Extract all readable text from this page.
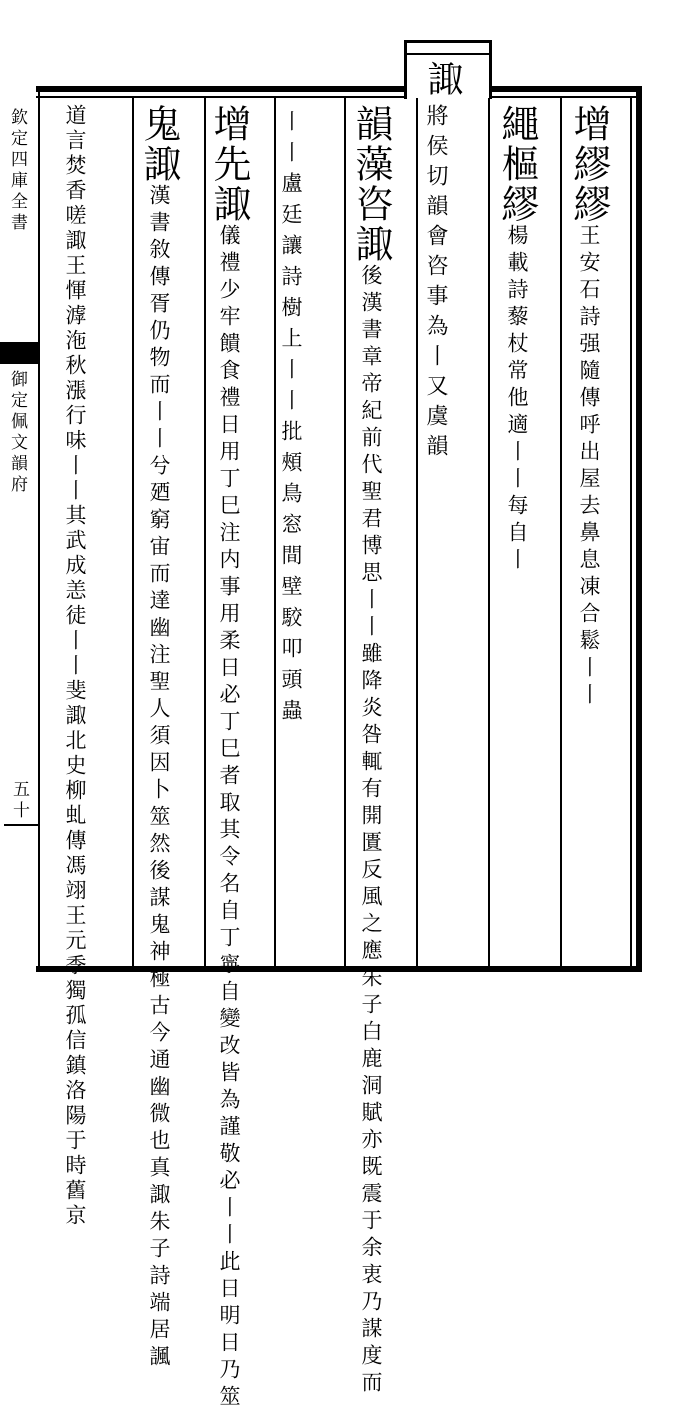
諏
增繆繆王安石詩强隨傳呼出屋去鼻息凍合鬆丨丨
繩樞繆楊載詩藜杖常他適丨丨每自丨
將侯切韻會咨事為丨又虞韻
韻藻咨諏後漢書章帝紀前代聖君博思丨丨雖降炎咎輒有開匱反風之應朱子白鹿洞賦亦既震于余衷乃謀度而
丨丨盧廷讓詩樹上丨丨批頰鳥窓間壁駮叩頭蟲
增先諏儀禮少牢饋食禮日用丁巳注内事用柔日必丁巳者取其令名自丁寧自變改皆為謹敬必丨丨此日明日乃筮
鬼諏漢書敘傳胥仍物而丨丨兮廼窮宙而達幽注聖人須因卜筮然後謀鬼神極古今通幽微也真諏朱子詩端居諷
道言焚香嗟諏王惲滹沲秋漲行味丨丨其武成恙徒丨丨斐諏北史柳虬傳馮翊王元季獨孤信鎮洛陽于時舊京
欽定四庫全書
御定佩文韻府
五十
